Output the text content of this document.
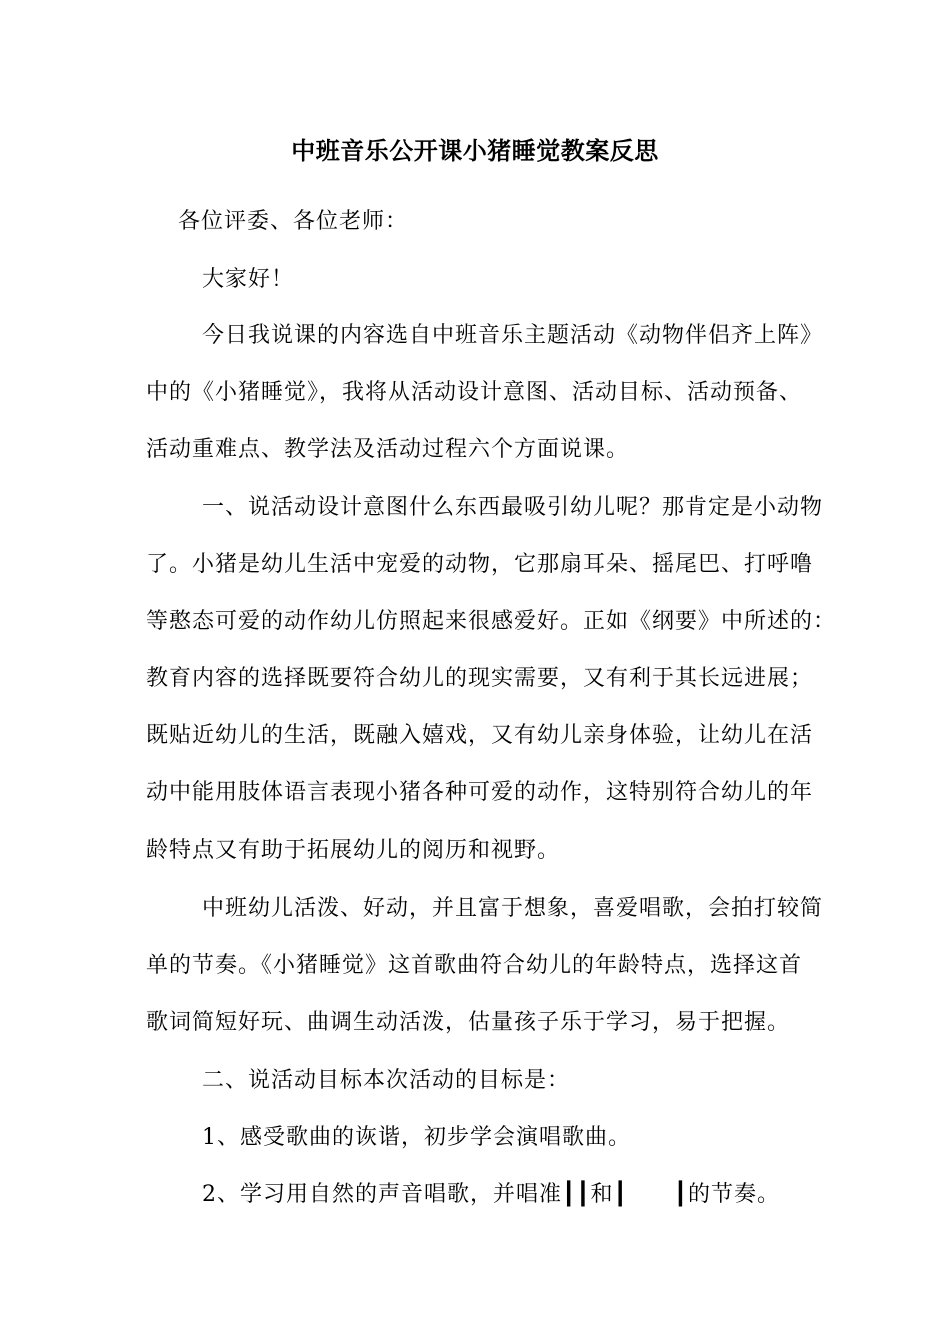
中班音乐公开课小猪睡觉教案反思
各位评委、各位老师：
大家好！
今日我说课的内容选自中班音乐主题活动《动物伴侣齐上阵》
中的《小猪睡觉》，我将从活动设计意图、活动目标、活动预备、
活动重难点、教学法及活动过程六个方面说课。
一、说活动设计意图什么东西最吸引幼儿呢？那肯定是小动物
了。小猪是幼儿生活中宠爱的动物，它那扇耳朵、摇尾巴、打呼噜
等憨态可爱的动作幼儿仿照起来很感爱好。正如《纲要》中所述的：
教育内容的选择既要符合幼儿的现实需要，又有利于其长远进展；
既贴近幼儿的生活，既融入嬉戏，又有幼儿亲身体验，让幼儿在活
动中能用肢体语言表现小猪各种可爱的动作，这特别符合幼儿的年
龄特点又有助于拓展幼儿的阅历和视野。
中班幼儿活泼、好动，并且富于想象，喜爱唱歌，会拍打较简
单的节奏。《小猪睡觉》这首歌曲符合幼儿的年龄特点，选择这首
歌词简短好玩、曲调生动活泼，估量孩子乐于学习，易于把握。
二、说活动目标本次活动的目标是：
1、感受歌曲的诙谐，初步学会演唱歌曲。
2、学习用自然的声音唱歌，并唱准┃┃和┃　　┃的节奏。
